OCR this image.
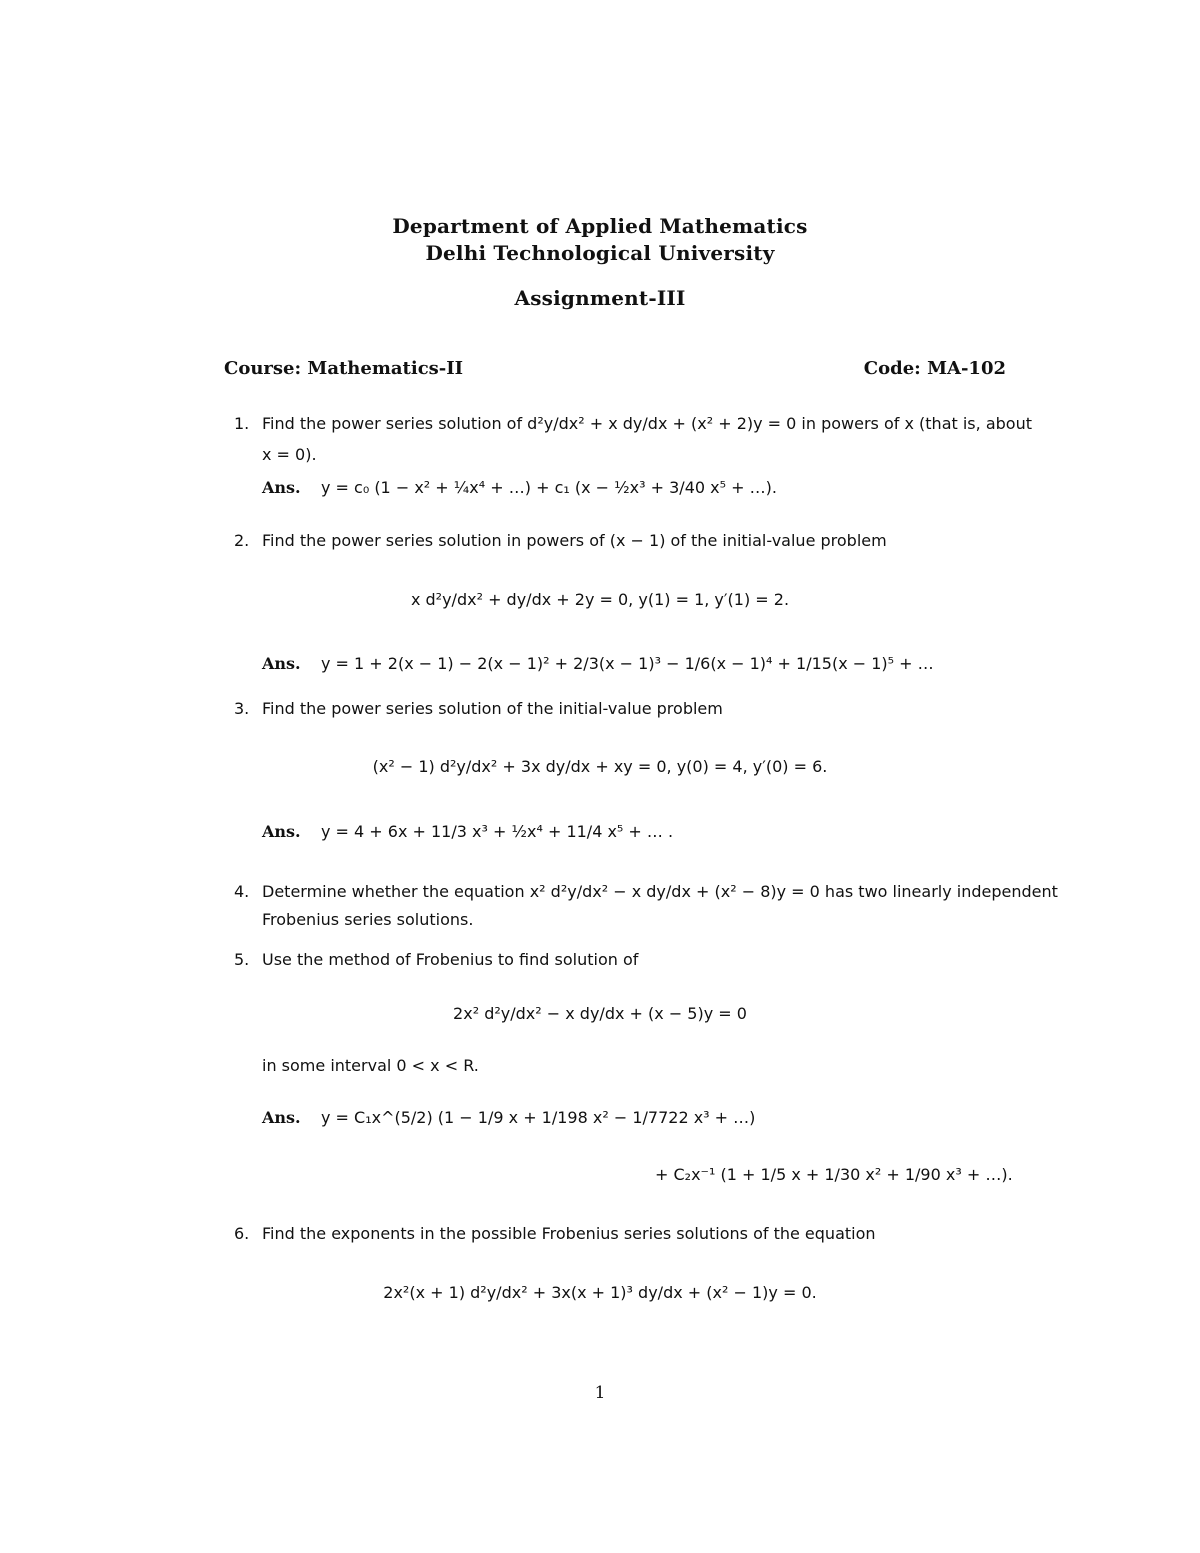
Department of Applied Mathematics
Delhi Technological University
Assignment-III
Course: Mathematics-II	Code: MA-102
1. Find the power series solution of d²y/dx² + x dy/dx + (x² + 2)y = 0 in powers of x (that is, about
x = 0).
Ans. y = c₀ (1 − x² + ¼x⁴ + …) + c₁ (x − ½x³ + 3/40 x⁵ + …).
2. Find the power series solution in powers of (x − 1) of the initial-value problem
x d²y/dx² + dy/dx + 2y = 0, y(1) = 1, y′(1) = 2.
Ans. y = 1 + 2(x − 1) − 2(x − 1)² + 2/3(x − 1)³ − 1/6(x − 1)⁴ + 1/15(x − 1)⁵ + …
3. Find the power series solution of the initial-value problem
(x² − 1) d²y/dx² + 3x dy/dx + xy = 0, y(0) = 4, y′(0) = 6.
Ans. y = 4 + 6x + 11/3 x³ + ½x⁴ + 11/4 x⁵ + … .
4. Determine whether the equation x² d²y/dx² − x dy/dx + (x² − 8)y = 0 has two linearly independent
Frobenius series solutions.
5. Use the method of Frobenius to find solution of
2x² d²y/dx² − x dy/dx + (x − 5)y = 0
in some interval 0 < x < R.
Ans. y = C₁x^(5/2) (1 − 1/9 x + 1/198 x² − 1/7722 x³ + …)
+ C₂x⁻¹ (1 + 1/5 x + 1/30 x² + 1/90 x³ + …).
6. Find the exponents in the possible Frobenius series solutions of the equation
2x²(x + 1) d²y/dx² + 3x(x + 1)³ dy/dx + (x² − 1)y = 0.
1
